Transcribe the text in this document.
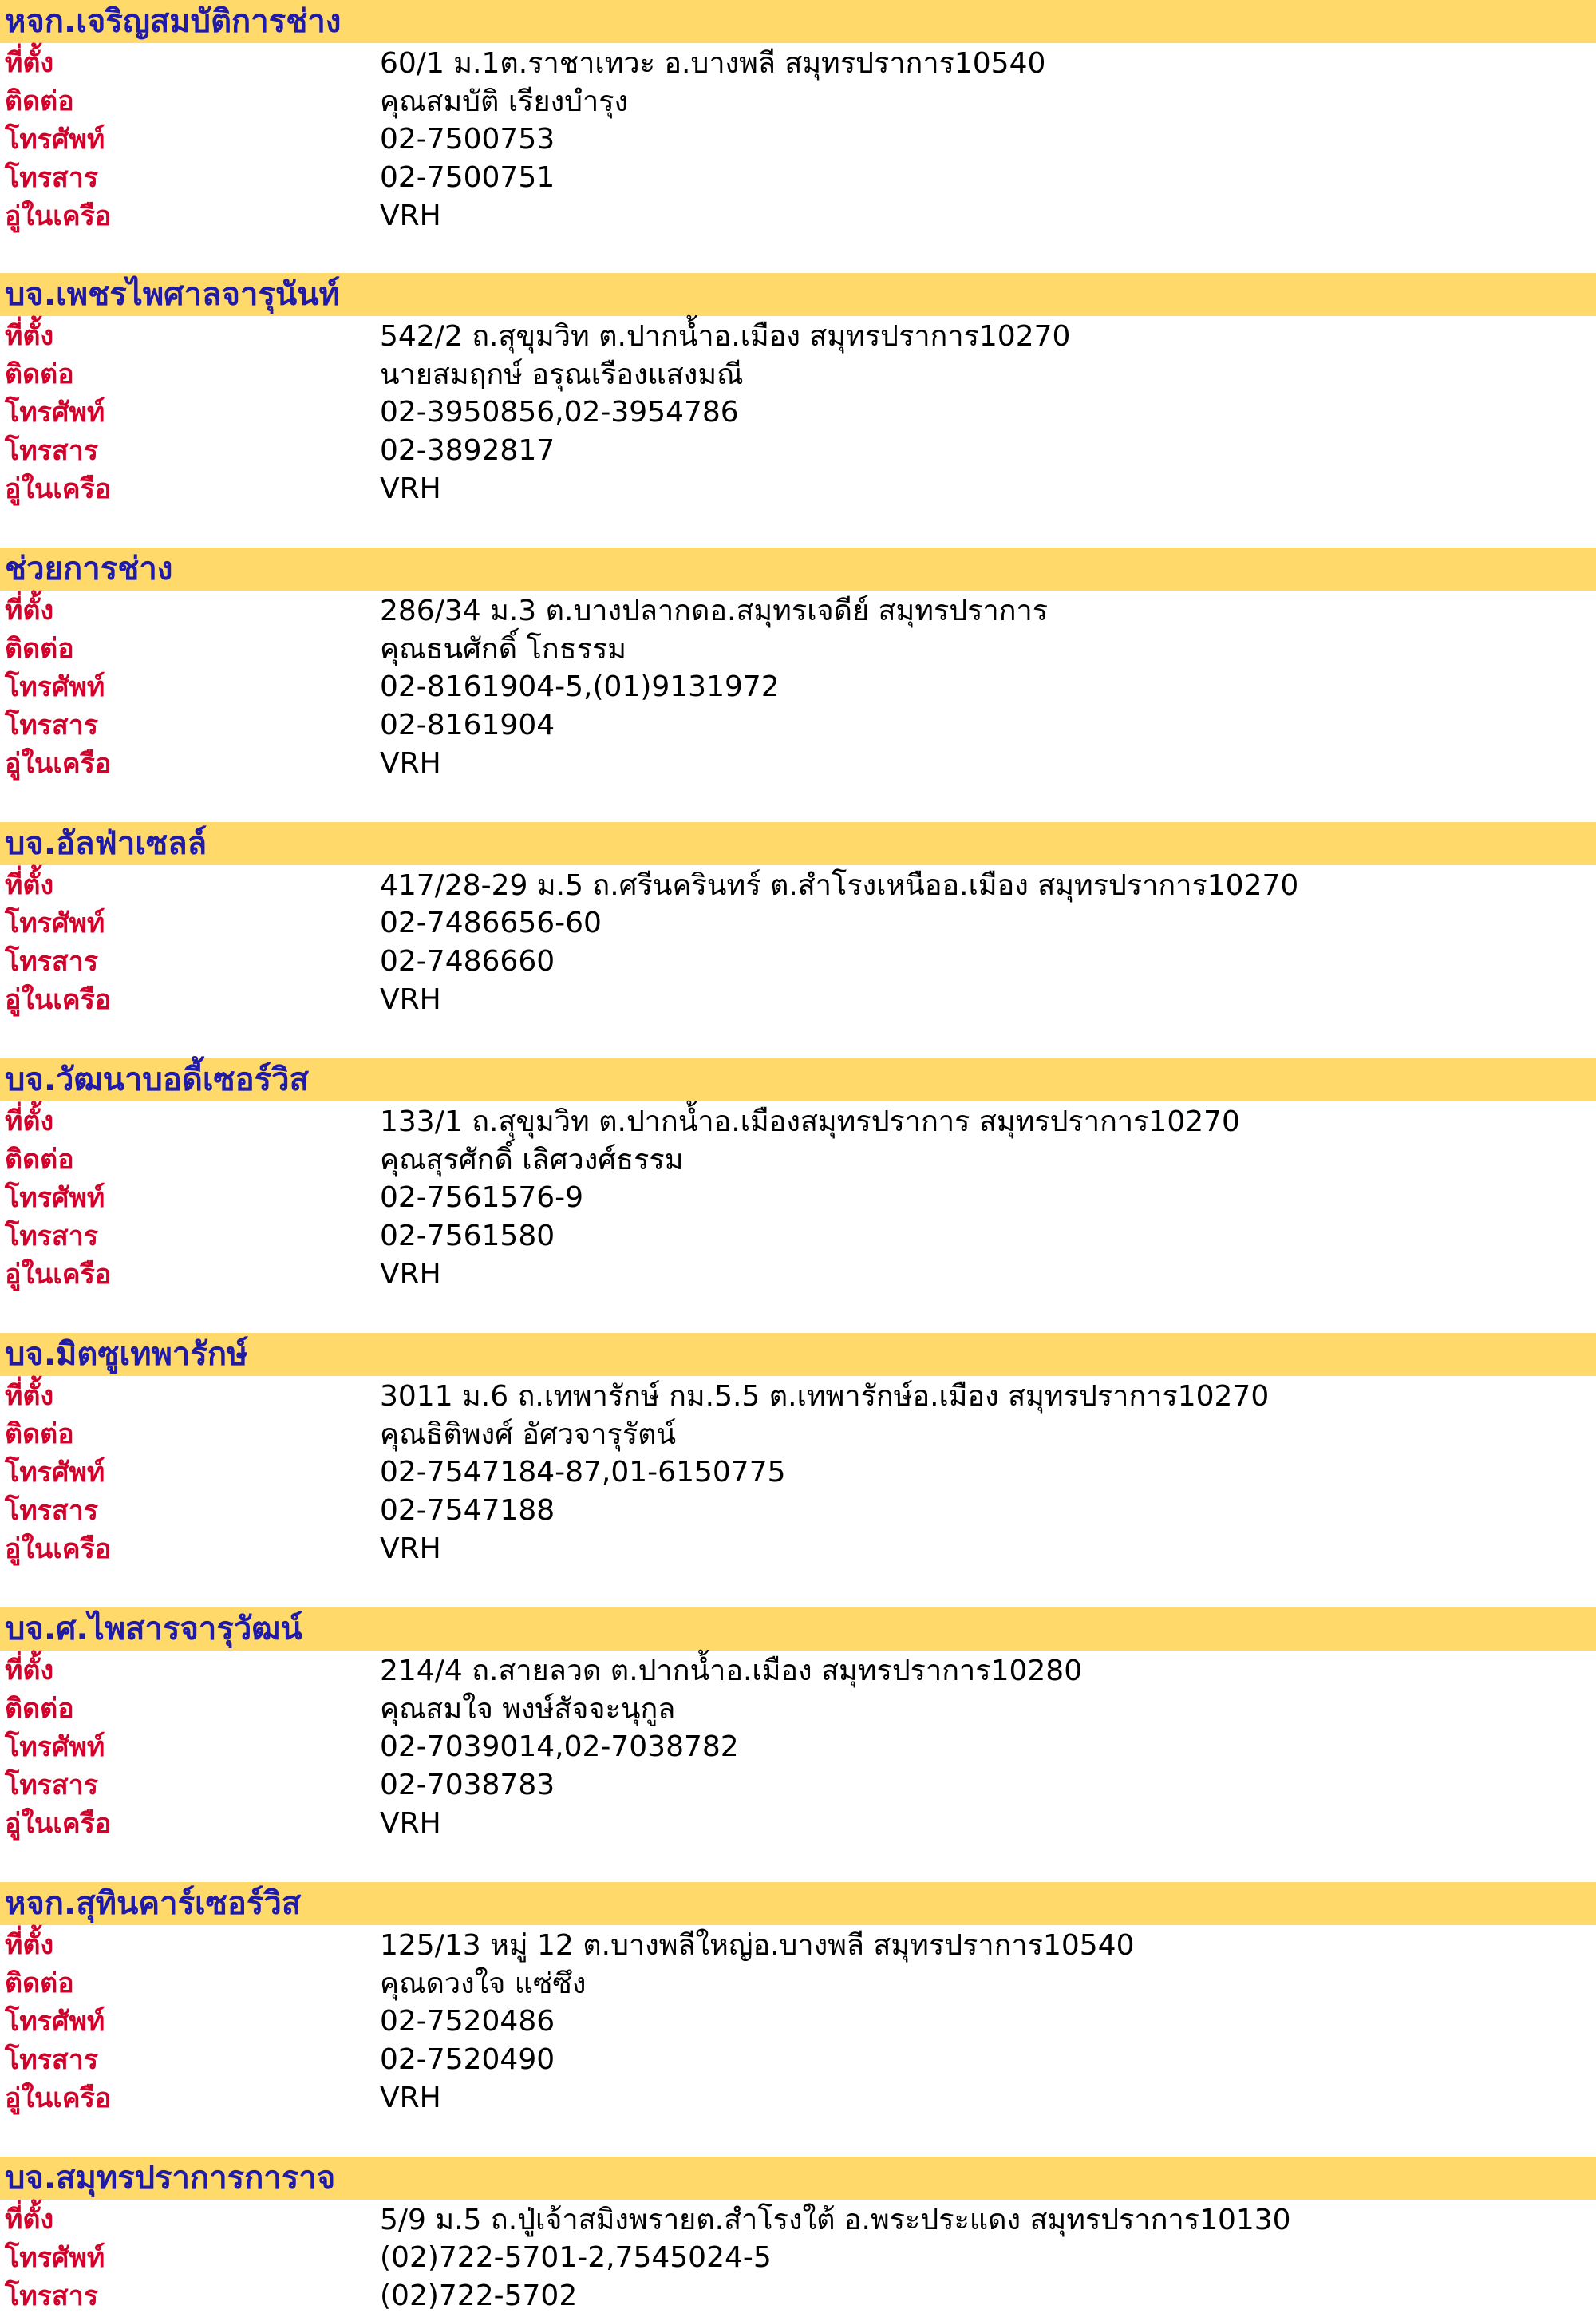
หจก.เจริญสมบัติการช่าง
ที่ตั้ง	60/1 ม.1ต.ราชาเทวะ อ.บางพลี สมุทรปราการ10540
ติดต่อ	คุณสมบัติ เรียงบำรุง
โทรศัพท์	02-7500753
โทรสาร	02-7500751
อู่ในเครือ	VRH
บจ.เพชรไพศาลจารุนันท์
ที่ตั้ง	542/2 ถ.สุขุมวิท ต.ปากน้ำอ.เมือง สมุทรปราการ10270
ติดต่อ	นายสมฤกษ์ อรุณเรืองแสงมณี
โทรศัพท์	02-3950856,02-3954786
โทรสาร	02-3892817
อู่ในเครือ	VRH
ช่วยการช่าง
ที่ตั้ง	286/34 ม.3 ต.บางปลากดอ.สมุทรเจดีย์ สมุทรปราการ
ติดต่อ	คุณธนศักดิ์ โกธรรม
โทรศัพท์	02-8161904-5,(01)9131972
โทรสาร	02-8161904
อู่ในเครือ	VRH
บจ.อัลฟ่าเซลล์
ที่ตั้ง	417/28-29 ม.5 ถ.ศรีนครินทร์ ต.สำโรงเหนืออ.เมือง สมุทรปราการ10270
โทรศัพท์	02-7486656-60
โทรสาร	02-7486660
อู่ในเครือ	VRH
บจ.วัฒนาบอดี้เซอร์วิส
ที่ตั้ง	133/1 ถ.สุขุมวิท ต.ปากน้ำอ.เมืองสมุทรปราการ สมุทรปราการ10270
ติดต่อ	คุณสุรศักดิ์ เลิศวงศ์ธรรม
โทรศัพท์	02-7561576-9
โทรสาร	02-7561580
อู่ในเครือ	VRH
บจ.มิตซูเทพารักษ์
ที่ตั้ง	3011 ม.6 ถ.เทพารักษ์ กม.5.5 ต.เทพารักษ์อ.เมือง สมุทรปราการ10270
ติดต่อ	คุณธิติพงศ์ อัศวจารุรัตน์
โทรศัพท์	02-7547184-87,01-6150775
โทรสาร	02-7547188
อู่ในเครือ	VRH
บจ.ศ.ไพสารจารุวัฒน์
ที่ตั้ง	214/4 ถ.สายลวด ต.ปากน้ำอ.เมือง สมุทรปราการ10280
ติดต่อ	คุณสมใจ พงษ์สัจจะนุกูล
โทรศัพท์	02-7039014,02-7038782
โทรสาร	02-7038783
อู่ในเครือ	VRH
หจก.สุทินคาร์เซอร์วิส
ที่ตั้ง	125/13 หมู่ 12 ต.บางพลีใหญ่อ.บางพลี สมุทรปราการ10540
ติดต่อ	คุณดวงใจ แซ่ซึง
โทรศัพท์	02-7520486
โทรสาร	02-7520490
อู่ในเครือ	VRH
บจ.สมุทรปราการการาจ
ที่ตั้ง	5/9 ม.5 ถ.ปู่เจ้าสมิงพรายต.สำโรงใต้ อ.พระประแดง สมุทรปราการ10130
โทรศัพท์	(02)722-5701-2,7545024-5
โทรสาร	(02)722-5702
